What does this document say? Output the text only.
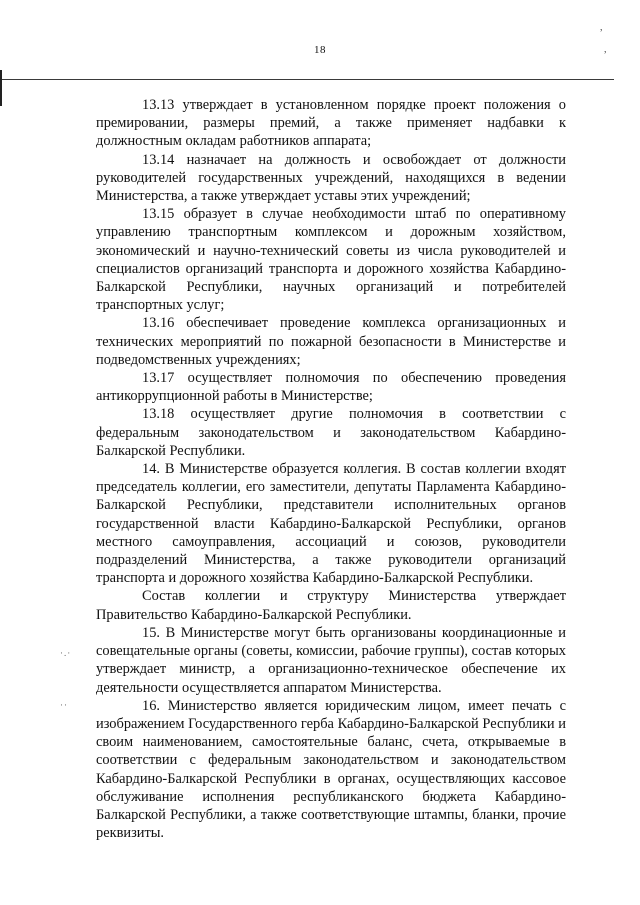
,
,
18
·.·
··

13.13 утверждает в установленном порядке проект положения о премировании, размеры премий, а также применяет надбавки к должностным окладам работников аппарата;

13.14 назначает на должность и освобождает от должности руководителей государственных учреждений, находящихся в ведении Министерства, а также утверждает уставы этих учреждений;

13.15 образует в случае необходимости штаб по оперативному управлению транспортным комплексом и дорожным хозяйством, экономический и научно-технический советы из числа руководителей и специалистов организаций транспорта и дорожного хозяйства Кабардино-Балкарской Республики, научных организаций и потребителей транспортных услуг;

13.16 обеспечивает проведение комплекса организационных и технических мероприятий по пожарной безопасности в Министерстве и подведомственных учреждениях;

13.17 осуществляет полномочия по обеспечению проведения антикоррупционной работы в Министерстве;

13.18 осуществляет другие полномочия в соответствии с федеральным законодательством и законодательством Кабардино-Балкарской Республики.

14. В Министерстве образуется коллегия. В состав коллегии входят председатель коллегии, его заместители, депутаты Парламента Кабардино-Балкарской Республики, представители исполнительных органов государственной власти Кабардино-Балкарской Республики, органов местного самоуправления, ассоциаций и союзов, руководители подразделений Министерства, а также руководители организаций транспорта и дорожного хозяйства Кабардино-Балкарской Республики.

Состав коллегии и структуру Министерства утверждает Правительство Кабардино-Балкарской Республики.

15. В Министерстве могут быть организованы координационные и совещательные органы (советы, комиссии, рабочие группы), состав которых утверждает министр, а организационно-техническое обеспечение их деятельности осуществляется аппаратом Министерства.

16. Министерство является юридическим лицом, имеет печать с изображением Государственного герба Кабардино-Балкарской Республики и своим наименованием, самостоятельные баланс, счета, открываемые в соответствии с федеральным законодательством и законодательством Кабардино-Балкарской Республики в органах, осуществляющих кассовое обслуживание исполнения республиканского бюджета Кабардино-Балкарской Республики, а также соответствующие штампы, бланки, прочие реквизиты.
